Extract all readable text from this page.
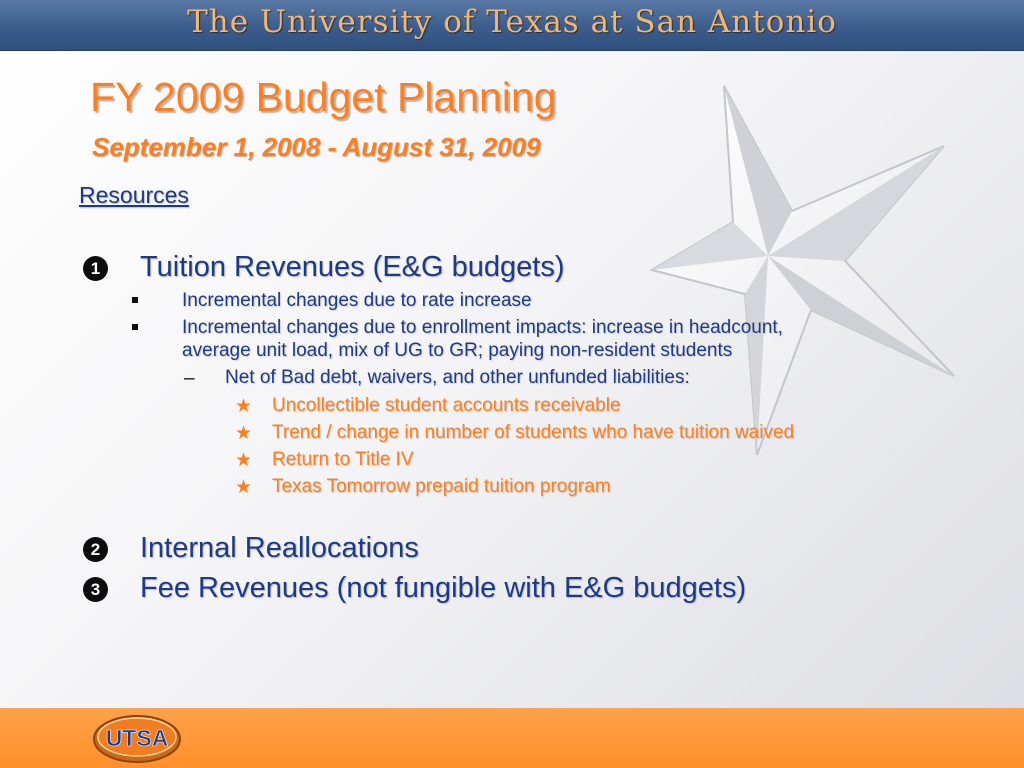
The University of Texas at San Antonio
FY 2009 Budget Planning
September 1, 2008 - August 31, 2009
Resources
1 Tuition Revenues (E&G budgets)
Incremental changes due to rate increase
Incremental changes due to enrollment impacts: increase in headcount,
average unit load, mix of UG to GR; paying non-resident students
– Net of Bad debt, waivers, and other unfunded liabilities:
★ Uncollectible student accounts receivable
★ Trend / change in number of students who have tuition waived
★ Return to Title IV
★ Texas Tomorrow prepaid tuition program
2 Internal Reallocations
3 Fee Revenues (not fungible with E&G budgets)
UTSA
